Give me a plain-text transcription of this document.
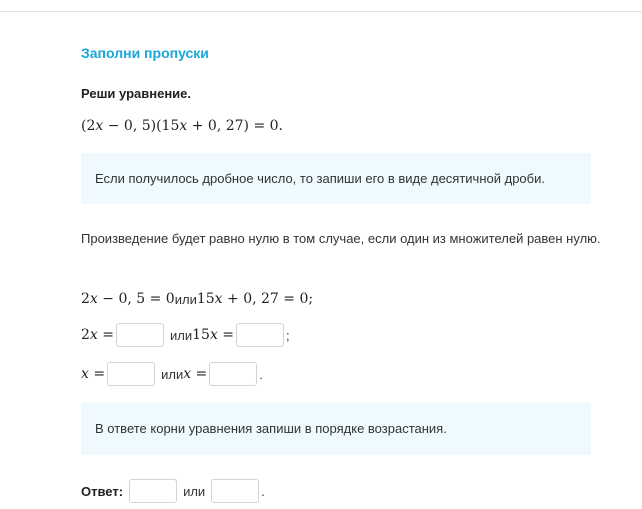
Заполни пропуски
Реши уравнение.
(2x − 0, 5)(15x + 0, 27) = 0.
Если получилось дробное число, то запиши его в виде десятичной дроби.
Произведение будет равно нулю в том случае, если один из множителей равен нулю.
2x − 0, 5 = 0 или 15x + 0, 27 = 0;
2x =	или 15x =	;
x =	или x =	.
В ответе корни уравнения запиши в порядке возрастания.
Ответ:	или	.
